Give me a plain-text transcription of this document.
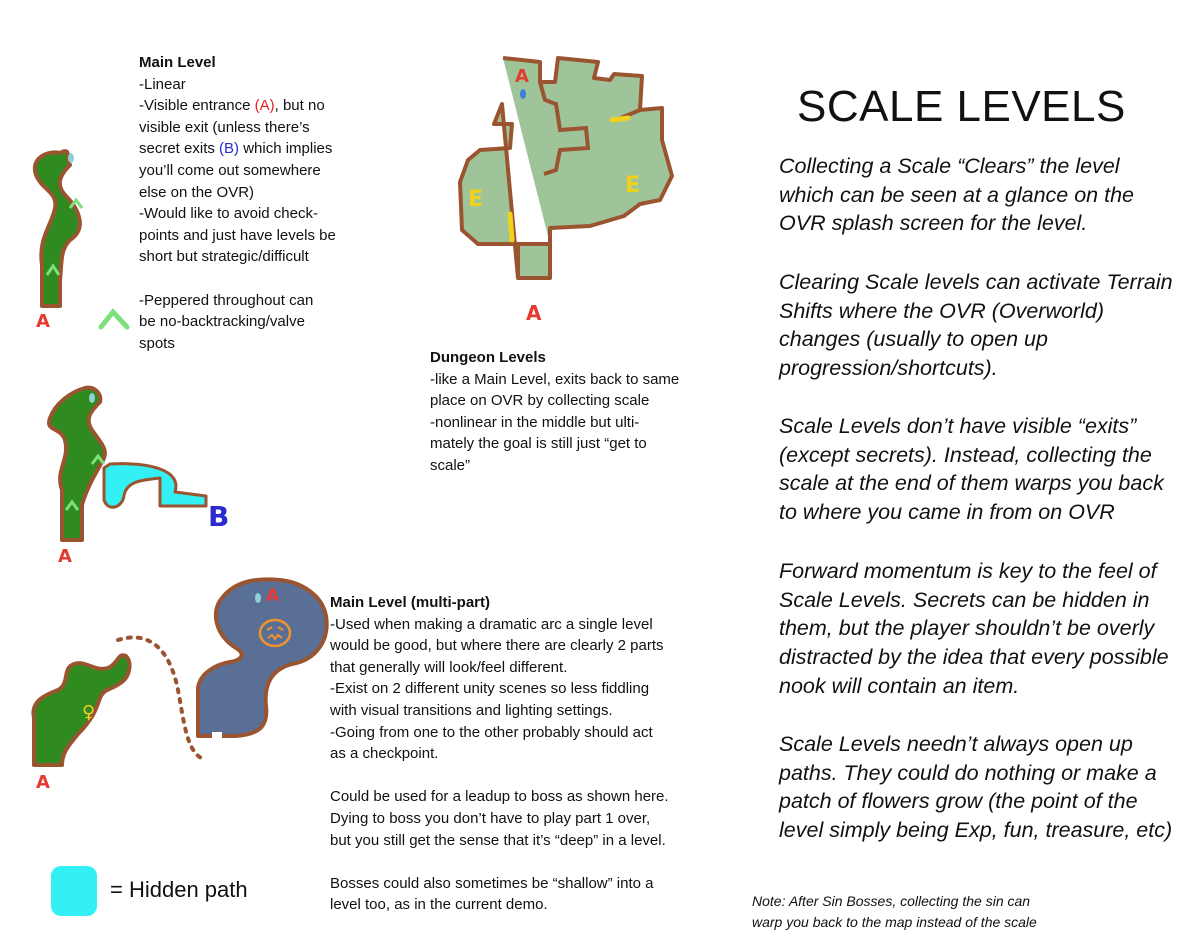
A
A
B
E
E
A
A
♀
A
A
Main Level
-Linear
-Visible entrance (A), but no
visible exit (unless there’s
secret exits (B) which implies
you’ll come out somewhere
else on the OVR)
-Would like to avoid check-
points and just have levels be
short but strategic/difficult

-Peppered throughout can
be no-backtracking/valve
spots
Dungeon Levels
-like a Main Level, exits back to same
place on OVR by collecting scale
-nonlinear in the middle but ulti-
mately the goal is still just “get to
scale”
Main Level (multi-part)
-Used when making a dramatic arc a single level
would be good, but where there are clearly 2 parts
that generally will look/feel different.
-Exist on 2 different unity scenes so less fiddling
with visual transitions and lighting settings.
-Going from one to the other probably should act
as a checkpoint.

Could be used for a leadup to boss as shown here.
Dying to boss you don’t have to play part 1 over,
but you still get the sense that it’s “deep” in a level.

Bosses could also sometimes be “shallow” into a
level too, as in the current demo.
SCALE LEVELS
Collecting a Scale “Clears” the level
which can be seen at a glance on the
OVR splash screen for the level.
Clearing Scale levels can activate Terrain
Shifts where the OVR (Overworld)
changes (usually to open up
progression/shortcuts).
Scale Levels don’t have visible “exits”
(except secrets). Instead, collecting the
scale at the end of them warps you back
to where you came in from on OVR
Forward momentum is key to the feel of
Scale Levels. Secrets can be hidden in
them, but the player shouldn’t be overly
distracted by the idea that every possible
nook will contain an item.
Scale Levels needn’t always open up
paths. They could do nothing or make a
patch of flowers grow (the point of the
level simply being Exp, fun, treasure, etc)
Note: After Sin Bosses, collecting the sin can
warp you back to the map instead of the scale
= Hidden path
